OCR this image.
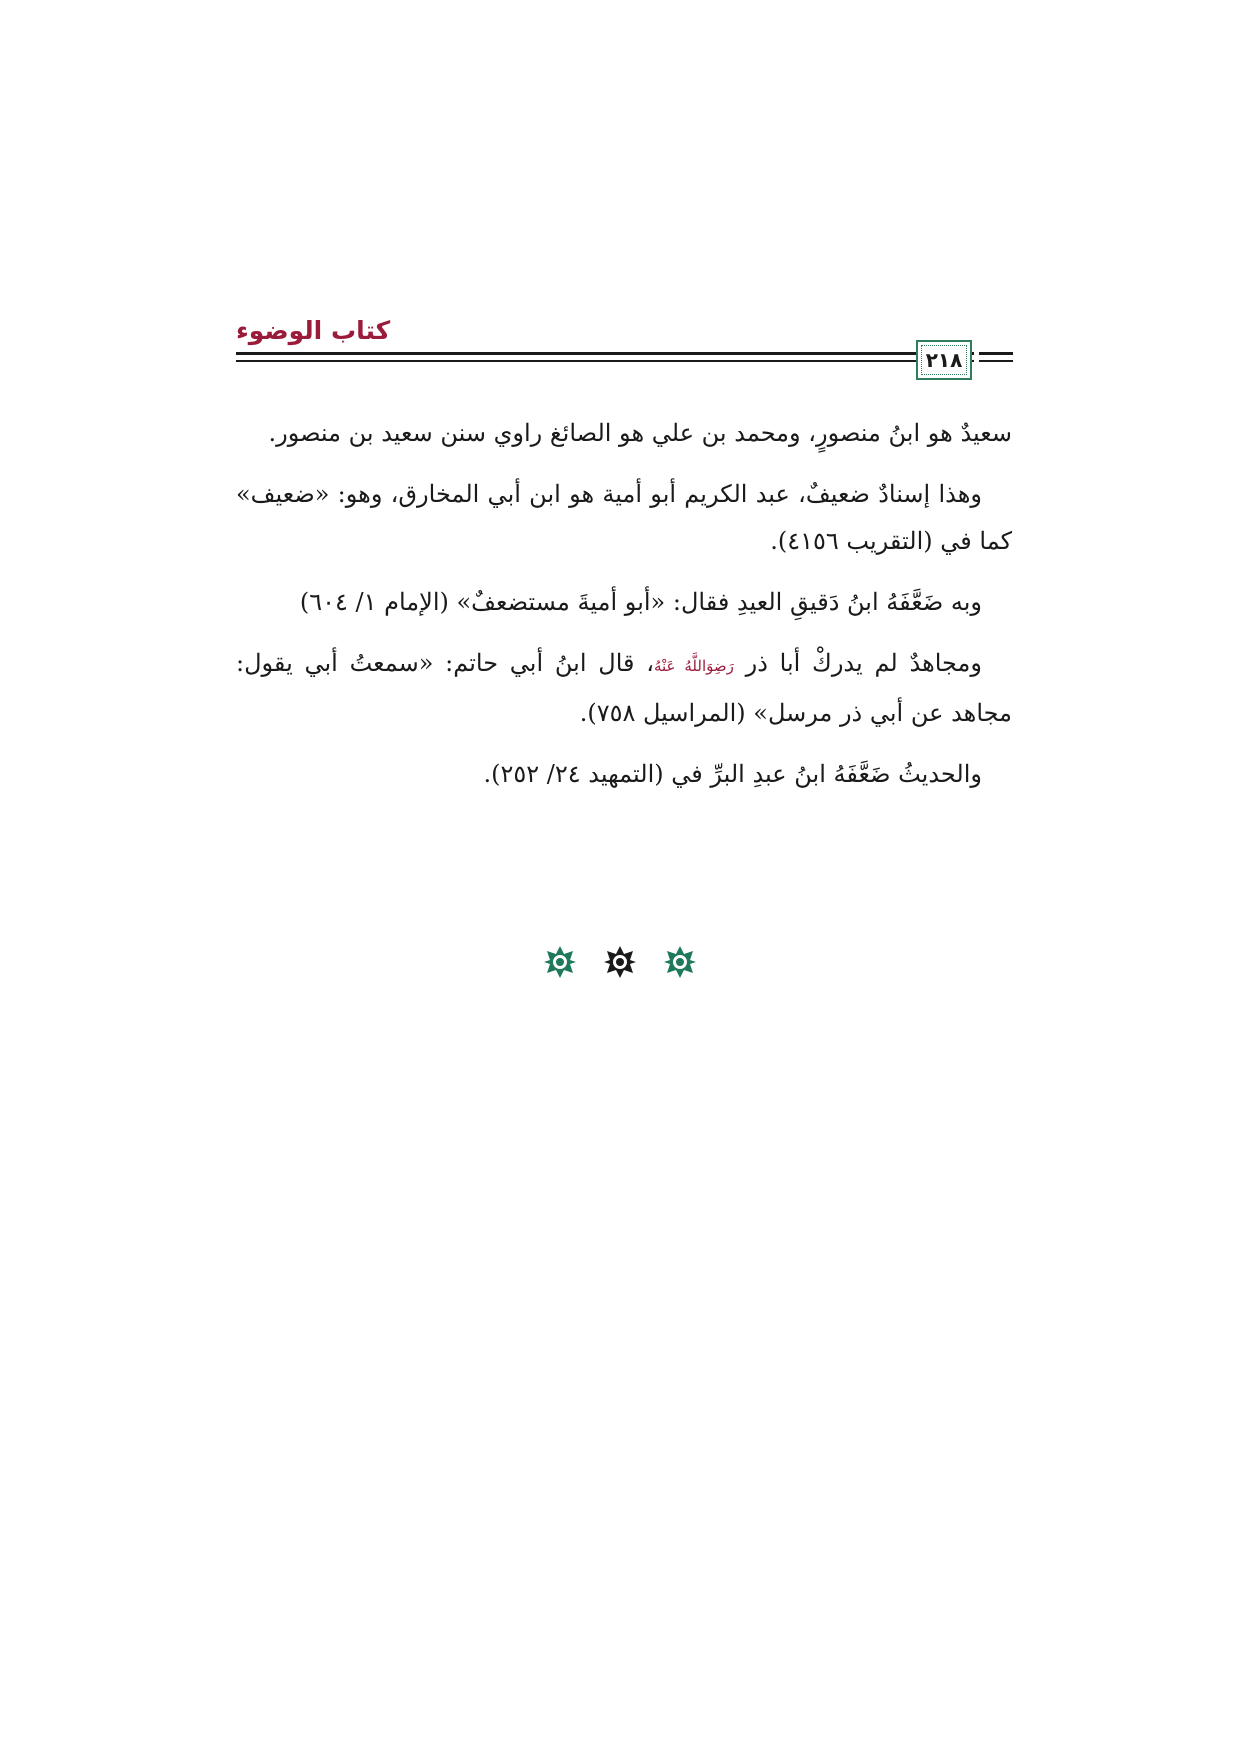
كتاب الوضوء
٢١٨

سعيدٌ هو ابنُ منصورٍ، ومحمد بن علي هو الصائغ راوي سنن سعيد بن منصور.

وهذا إسنادٌ ضعيفٌ، عبد الكريم أبو أمية هو ابن أبي المخارق، وهو: «ضعيف» كما في (التقريب ٤١٥٦).

وبه ضَعَّفَهُ ابنُ دَقيقِ العيدِ فقال: «أبو أميةَ مستضعفٌ» (الإمام ١/ ٦٠٤)

ومجاهدٌ لم يدركْ أبا ذر رَضِوَاللَّهُ عَنْهُ، قال ابنُ أبي حاتم: «سمعتُ أبي يقول: مجاهد عن أبي ذر مرسل» (المراسيل ٧٥٨).

والحديثُ ضَعَّفَهُ ابنُ عبدِ البرِّ في (التمهيد ٢٤/ ٢٥٢).
